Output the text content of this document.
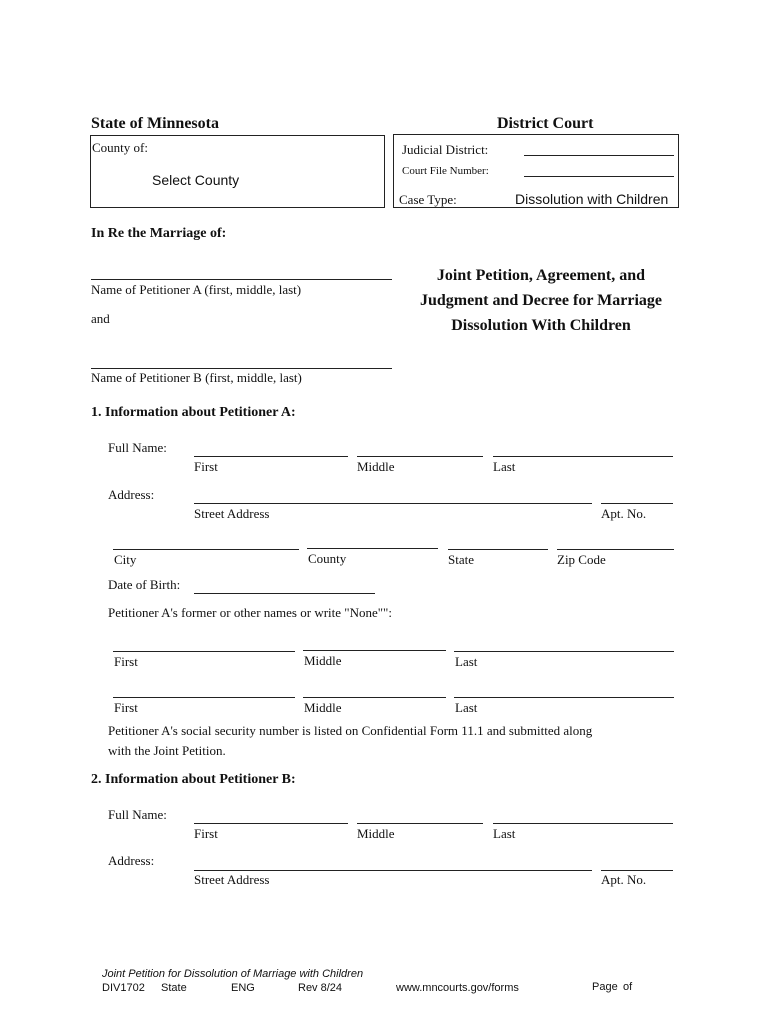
State of Minnesota	District Court
County of:
Select County
Judicial District:
Court File Number:
Case Type:	Dissolution with Children
In Re the Marriage of:
Name of Petitioner A (first, middle, last)
and
Name of Petitioner B (first, middle, last)
Joint Petition, Agreement, and
Judgment and Decree for Marriage
Dissolution With Children
1. Information about Petitioner A:
Full Name:
First	Middle	Last
Address:
Street Address	Apt. No.
City	County	State	Zip Code
Date of Birth:
Petitioner A's former or other names or write "None"":
First	Middle	Last
First	Middle	Last
Petitioner A's social security number is listed on Confidential Form 11.1 and submitted along
with the Joint Petition.
2. Information about Petitioner B:
Full Name:
First	Middle	Last
Address:
Street Address	Apt. No.
Joint Petition for Dissolution of Marriage with Children
DIV1702 State	ENG	Rev 8/24	www.mncourts.gov/forms	Page of
